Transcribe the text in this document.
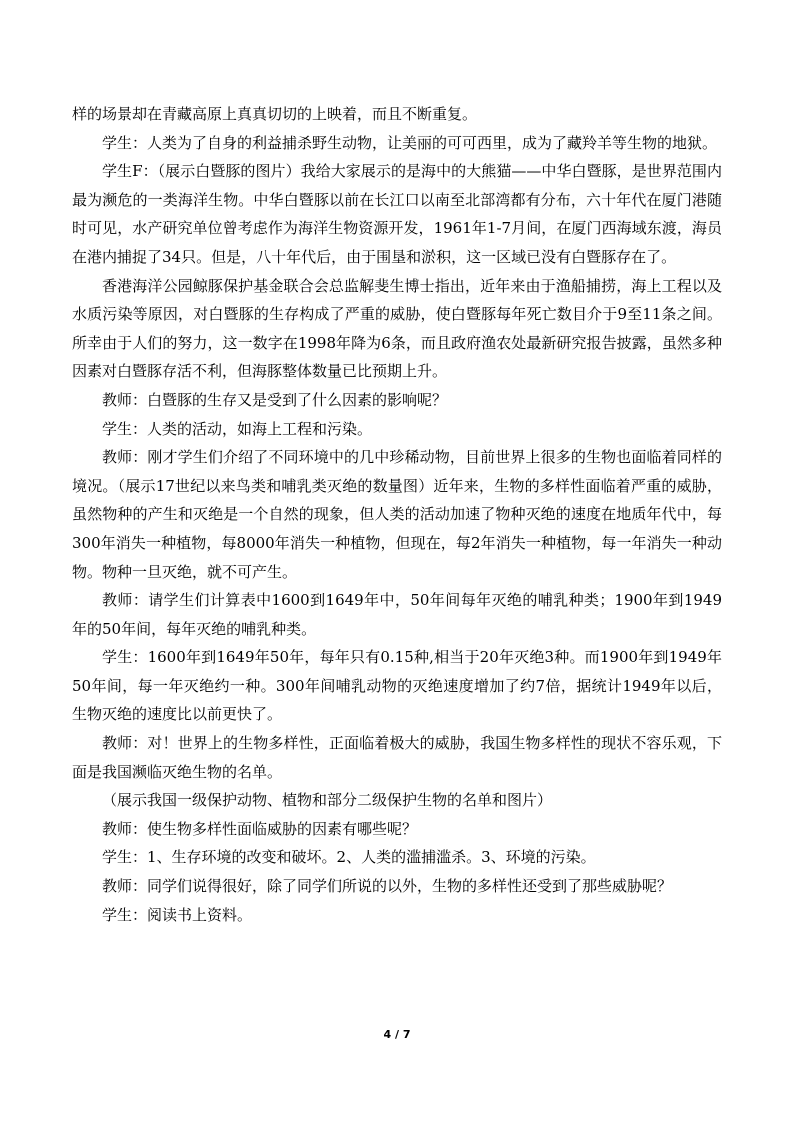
样的场景却在青藏高原上真真切切的上映着，而且不断重复。

学生：人类为了自身的利益捕杀野生动物，让美丽的可可西里，成为了藏羚羊等生物的地狱。

学生F：（展示白暨豚的图片）我给大家展示的是海中的大熊猫——中华白暨豚，是世界范围内最为濒危的一类海洋生物。中华白暨豚以前在长江口以南至北部湾都有分布，六十年代在厦门港随时可见，水产研究单位曾考虑作为海洋生物资源开发，1961年1-7月间，在厦门西海域东渡，海员在港内捕捉了34只。但是，八十年代后，由于围垦和淤积，这一区域已没有白暨豚存在了。

香港海洋公园鲸豚保护基金联合会总监解斐生博士指出，近年来由于渔船捕捞，海上工程以及水质污染等原因，对白暨豚的生存构成了严重的威胁，使白暨豚每年死亡数目介于9至11条之间。所幸由于人们的努力，这一数字在1998年降为6条，而且政府渔农处最新研究报告披露，虽然多种因素对白暨豚存活不利，但海豚整体数量已比预期上升。

教师：白暨豚的生存又是受到了什么因素的影响呢？

学生：人类的活动，如海上工程和污染。

教师：刚才学生们介绍了不同环境中的几中珍稀动物，目前世界上很多的生物也面临着同样的境况。（展示17世纪以来鸟类和哺乳类灭绝的数量图）近年来，生物的多样性面临着严重的威胁，虽然物种的产生和灭绝是一个自然的现象，但人类的活动加速了物种灭绝的速度在地质年代中，每300年消失一种植物，每8000年消失一种植物，但现在，每2年消失一种植物，每一年消失一种动物。物种一旦灭绝，就不可产生。

教师：请学生们计算表中1600到1649年中，50年间每年灭绝的哺乳种类；1900年到1949年的50年间，每年灭绝的哺乳种类。

学生：1600年到1649年50年，每年只有0.15种,相当于20年灭绝3种。而1900年到1949年50年间，每一年灭绝约一种。300年间哺乳动物的灭绝速度增加了约7倍，据统计1949年以后，生物灭绝的速度比以前更快了。

教师：对！世界上的生物多样性，正面临着极大的威胁，我国生物多样性的现状不容乐观，下面是我国濒临灭绝生物的名单。

（展示我国一级保护动物、植物和部分二级保护生物的名单和图片）

教师：使生物多样性面临威胁的因素有哪些呢？

学生：1、生存环境的改变和破坏。2、人类的滥捕滥杀。3、环境的污染。

教师：同学们说得很好，除了同学们所说的以外，生物的多样性还受到了那些威胁呢？

学生：阅读书上资料。

4 / 7
